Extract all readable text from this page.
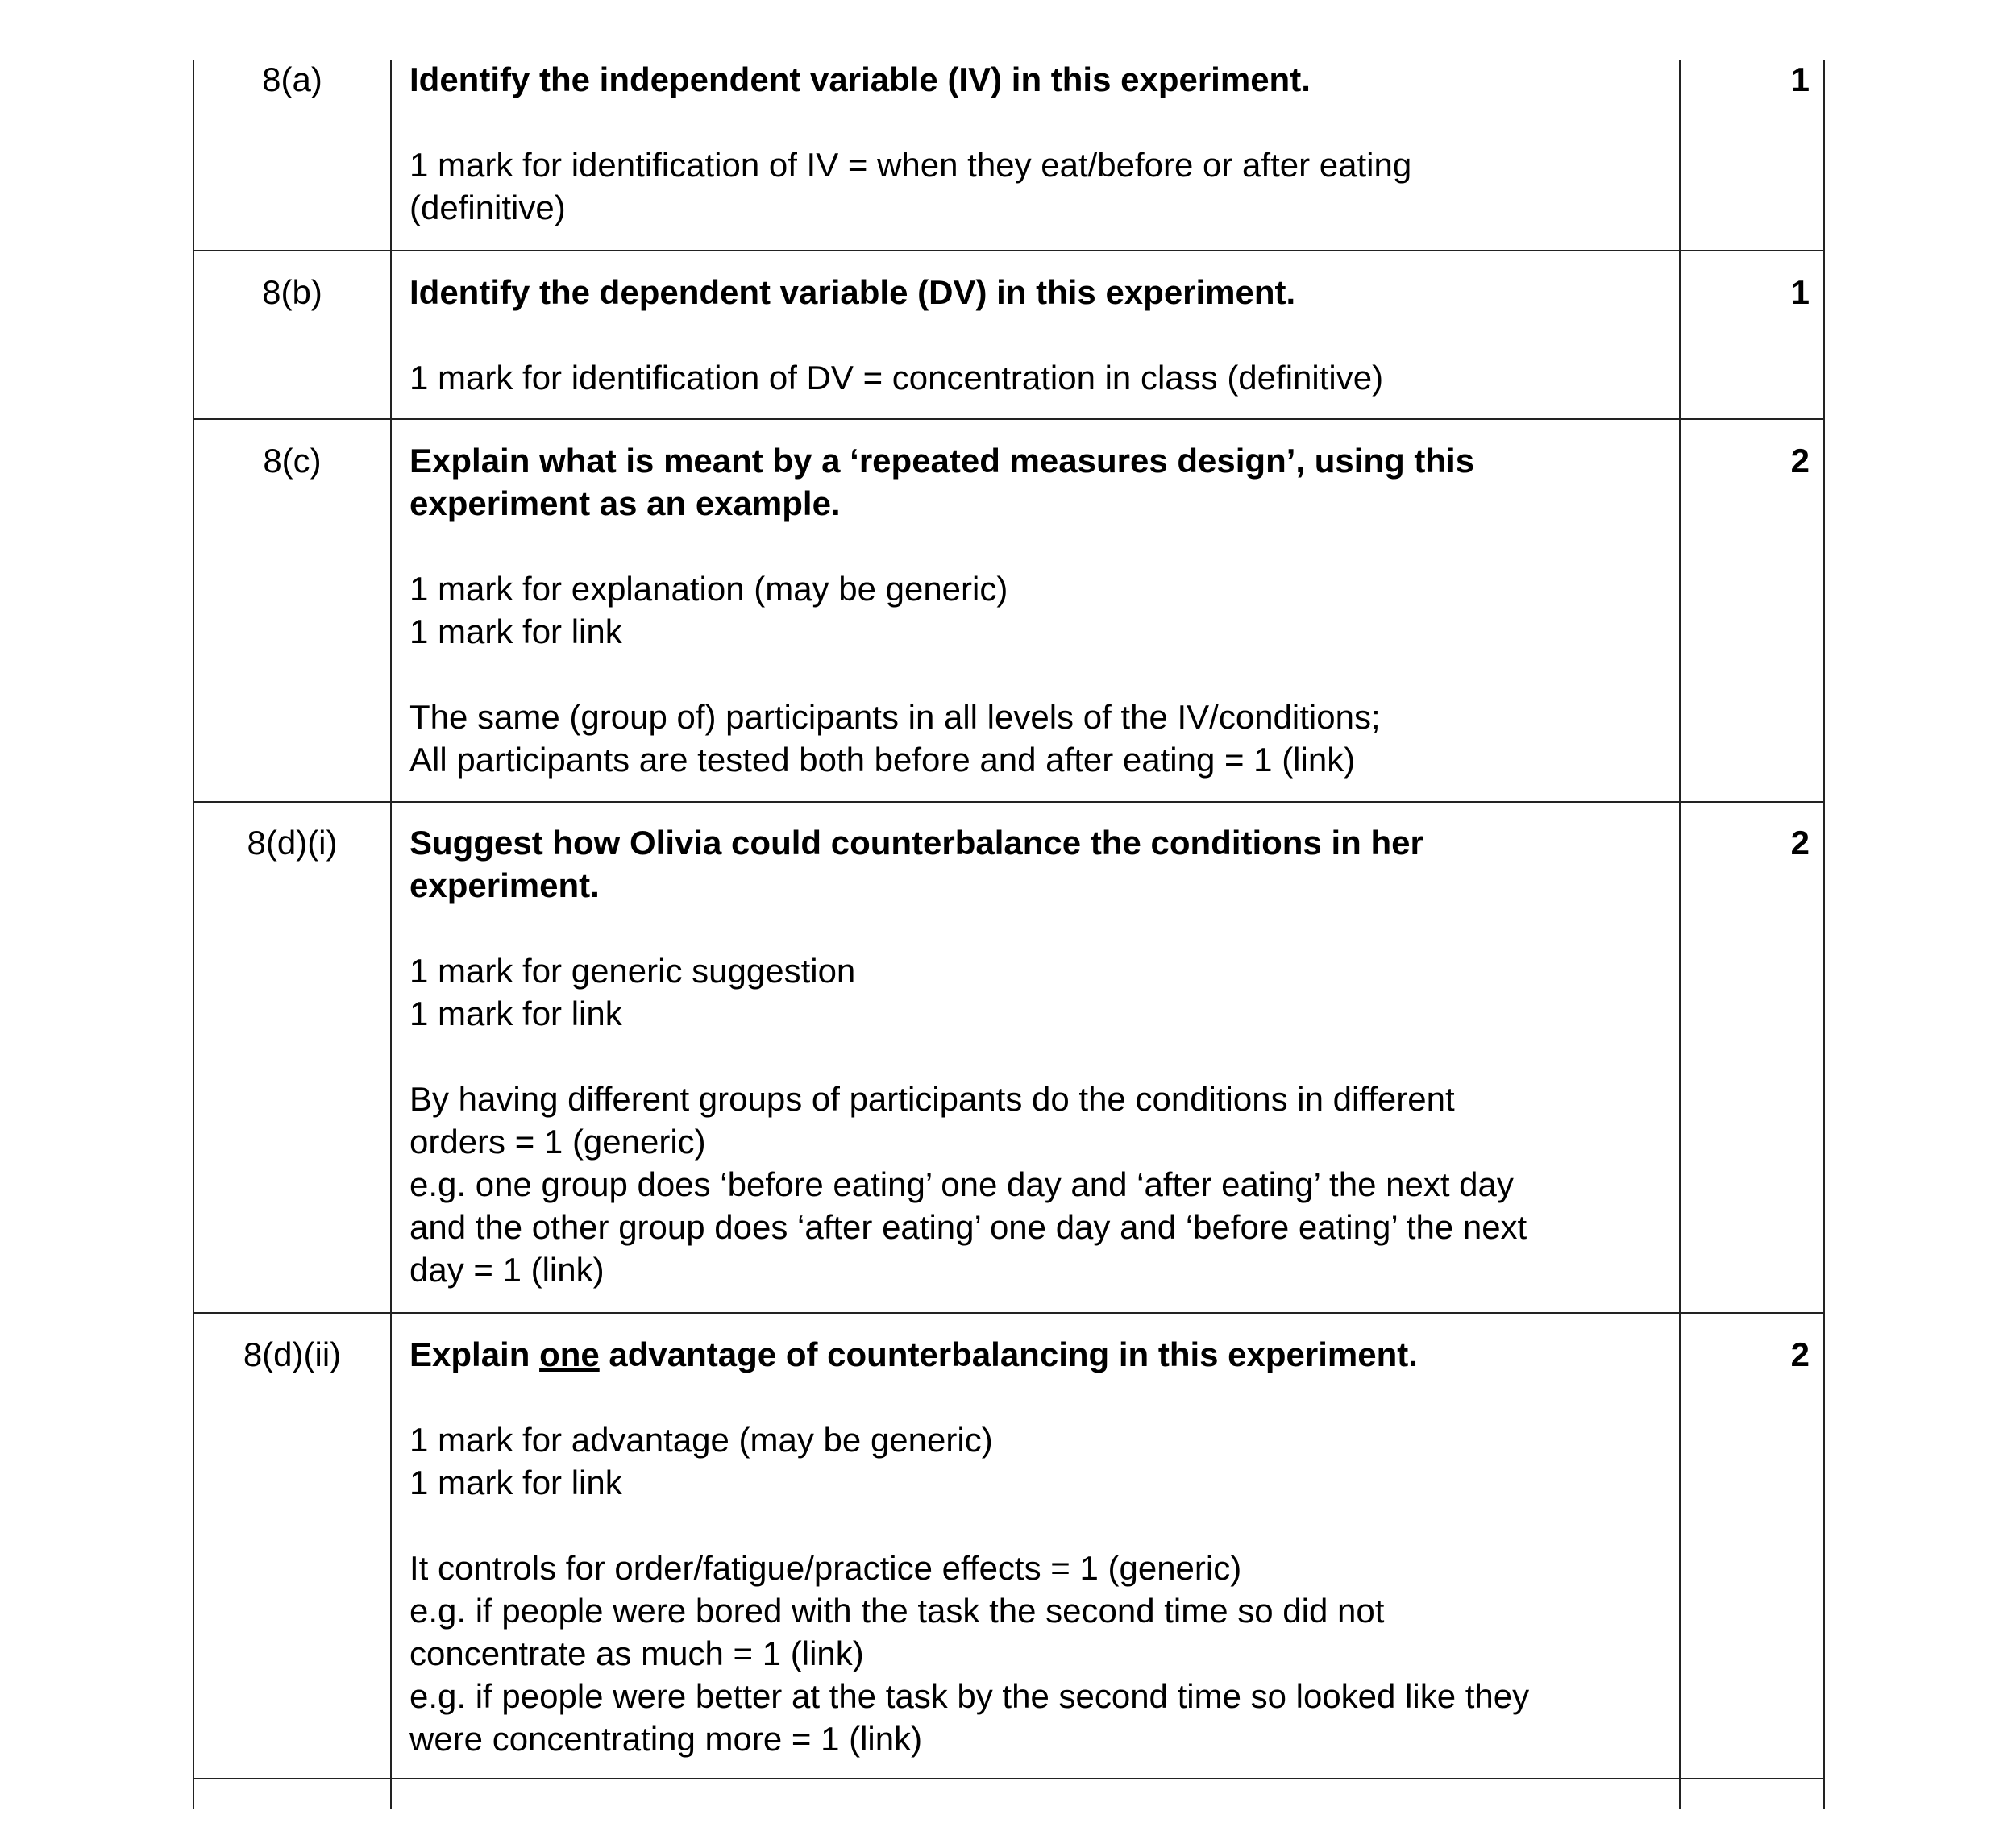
8(a)	Identify the independent variable (IV) in this experiment.

1 mark for identification of IV = when they eat/before or after eating

(definitive)

1
8(b)	Identify the dependent variable (DV) in this experiment.

1 mark for identification of DV = concentration in class (definitive)

1
8(c)	Explain what is meant by a ‘repeated measures design’, using this

experiment as an example.

1 mark for explanation (may be generic)

1 mark for link

The same (group of) participants in all levels of the IV/conditions;

All participants are tested both before and after eating = 1 (link)

2
8(d)(i)	Suggest how Olivia could counterbalance the conditions in her

experiment.

1 mark for generic suggestion

1 mark for link

By having different groups of participants do the conditions in different

orders = 1 (generic)

e.g. one group does ‘before eating’ one day and ‘after eating’ the next day

and the other group does ‘after eating’ one day and ‘before eating’ the next

day = 1 (link)

2
8(d)(ii)	Explain one advantage of counterbalancing in this experiment.

1 mark for advantage (may be generic)

1 mark for link

It controls for order/fatigue/practice effects = 1 (generic)

e.g. if people were bored with the task the second time so did not

concentrate as much = 1 (link)

e.g. if people were better at the task by the second time so looked like they

were concentrating more = 1 (link)

2
